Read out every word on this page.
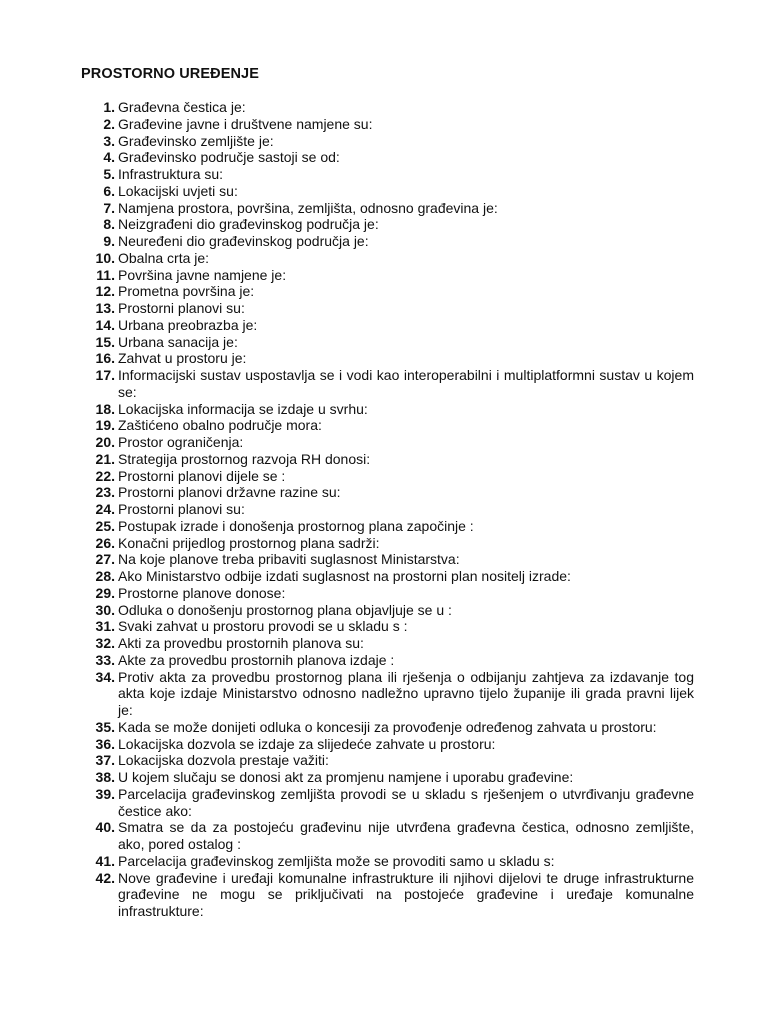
PROSTORNO UREĐENJE
1. Građevna čestica je:
2. Građevine javne i društvene namjene su:
3. Građevinsko zemljište je:
4. Građevinsko područje sastoji se od:
5. Infrastruktura su:
6. Lokacijski uvjeti su:
7. Namjena prostora, površina, zemljišta, odnosno građevina je:
8. Neizgrađeni dio građevinskog područja je:
9. Neuređeni dio građevinskog područja je:
10. Obalna crta je:
11. Površina javne namjene je:
12. Prometna površina je:
13. Prostorni planovi su:
14. Urbana preobrazba je:
15. Urbana sanacija je:
16. Zahvat u prostoru je:
17. Informacijski sustav uspostavlja se i vodi kao interoperabilni i multiplatformni sustav u kojem se:
18. Lokacijska informacija se izdaje u svrhu:
19. Zaštićeno obalno područje mora:
20. Prostor ograničenja:
21. Strategija prostornog razvoja RH donosi:
22. Prostorni planovi dijele se :
23. Prostorni planovi državne razine su:
24. Prostorni planovi su:
25. Postupak izrade i donošenja prostornog plana započinje :
26. Konačni prijedlog prostornog plana sadrži:
27. Na koje planove treba pribaviti suglasnost Ministarstva:
28. Ako Ministarstvo odbije izdati suglasnost na prostorni plan nositelj izrade:
29. Prostorne planove donose:
30. Odluka o donošenju prostornog plana objavljuje se u :
31. Svaki zahvat u prostoru provodi se u skladu s :
32. Akti za provedbu prostornih planova su:
33. Akte za provedbu prostornih planova izdaje :
34. Protiv akta za provedbu prostornog plana ili rješenja o odbijanju zahtjeva za izdavanje tog akta koje izdaje Ministarstvo odnosno nadležno upravno tijelo županije ili grada pravni lijek je:
35. Kada se može donijeti odluka o koncesiji za provođenje određenog zahvata u prostoru:
36. Lokacijska dozvola se izdaje za slijedeće zahvate u prostoru:
37. Lokacijska dozvola prestaje važiti:
38. U kojem slučaju se donosi akt za promjenu namjene i uporabu građevine:
39. Parcelacija građevinskog zemljišta provodi se u skladu s rješenjem o utvrđivanju građevne čestice ako:
40. Smatra se da za postojeću građevinu nije utvrđena građevna čestica, odnosno zemljište, ako, pored ostalog :
41. Parcelacija građevinskog zemljišta može se provoditi samo u skladu s:
42. Nove građevine i uređaji komunalne infrastrukture ili njihovi dijelovi te druge infrastrukturne građevine ne mogu se priključivati na postojeće građevine i uređaje komunalne infrastrukture:
